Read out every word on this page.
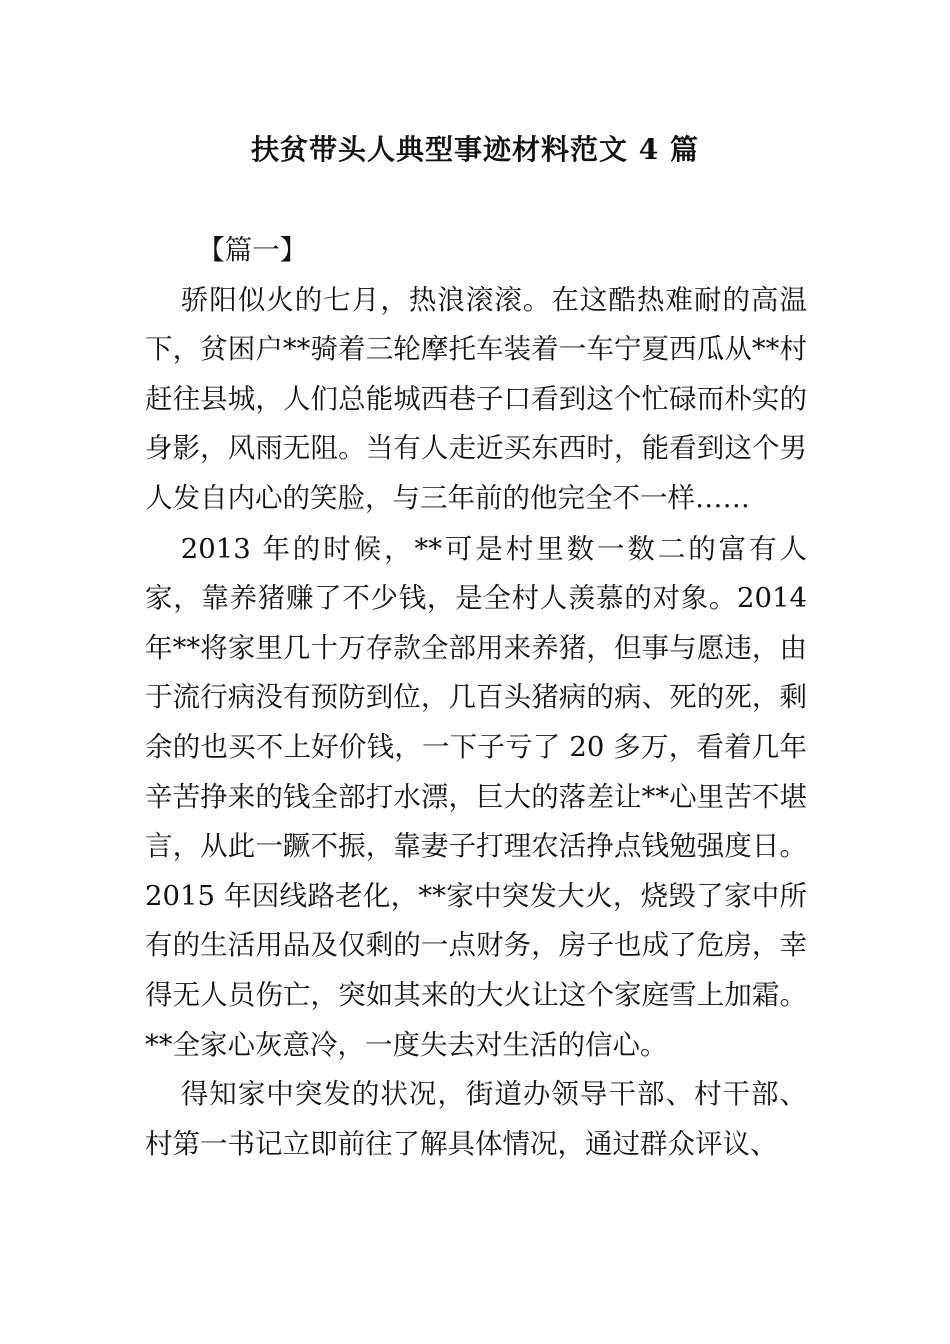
扶贫带头人典型事迹材料范文 4 篇

【篇一】

骄阳似火的七月，热浪滚滚。在这酷热难耐的高温下，贫困户**骑着三轮摩托车装着一车宁夏西瓜从**村赶往县城，人们总能城西巷子口看到这个忙碌而朴实的身影，风雨无阻。当有人走近买东西时，能看到这个男人发自内心的笑脸，与三年前的他完全不一样……

2013 年的时候，**可是村里数一数二的富有人家，靠养猪赚了不少钱，是全村人羡慕的对象。2014 年**将家里几十万存款全部用来养猪，但事与愿违，由于流行病没有预防到位，几百头猪病的病、死的死，剩余的也买不上好价钱，一下子亏了 20 多万，看着几年辛苦挣来的钱全部打水漂，巨大的落差让**心里苦不堪言，从此一蹶不振，靠妻子打理农活挣点钱勉强度日。2015 年因线路老化，**家中突发大火，烧毁了家中所有的生活用品及仅剩的一点财务，房子也成了危房，幸得无人员伤亡，突如其来的大火让这个家庭雪上加霜。**全家心灰意冷，一度失去对生活的信心。

得知家中突发的状况，街道办领导干部、村干部、村第一书记立即前往了解具体情况，通过群众评议、
